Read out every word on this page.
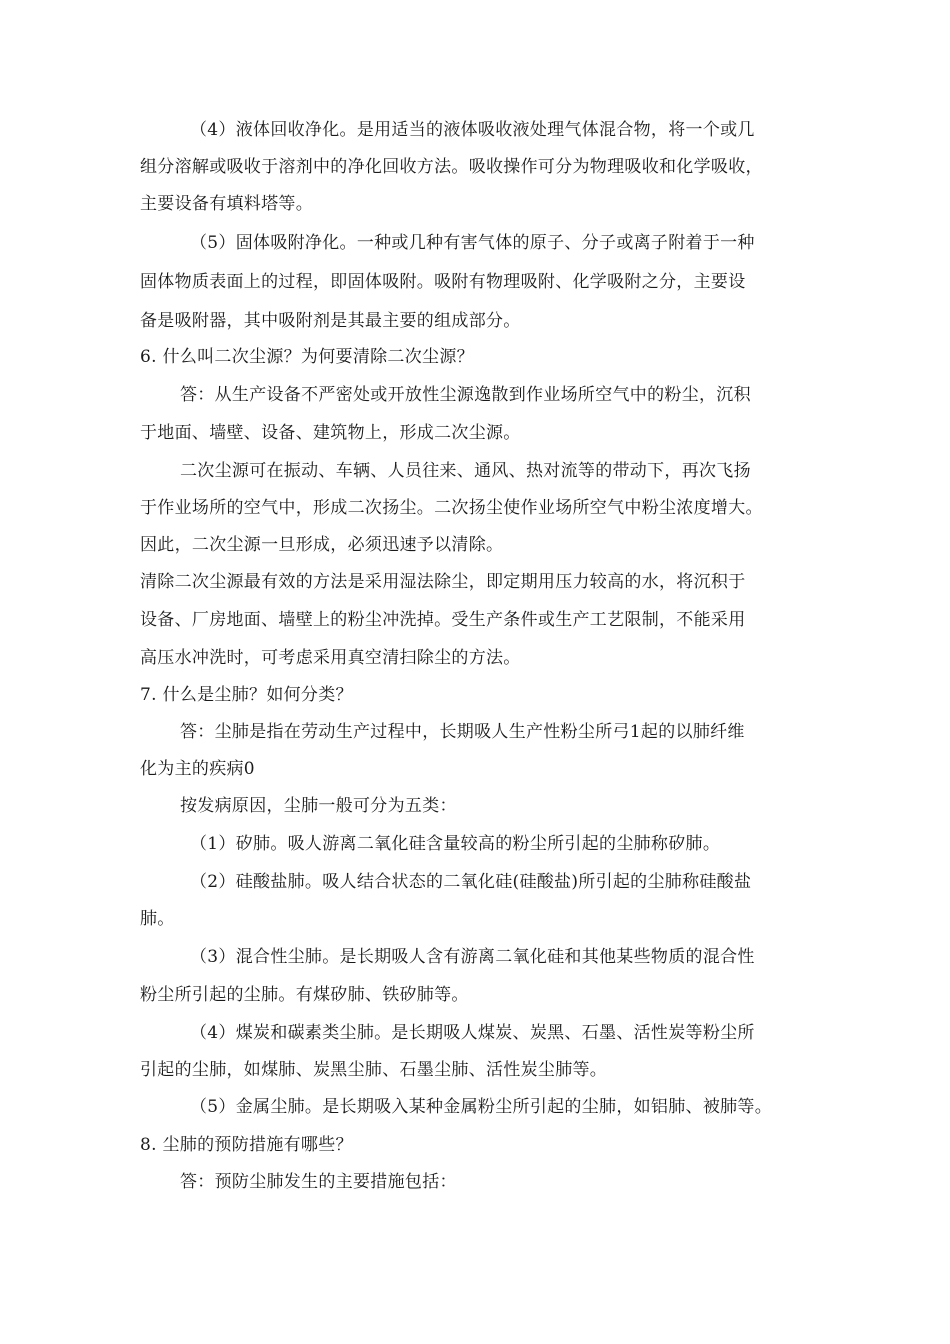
（4）液体回收净化。是用适当的液体吸收液处理气体混合物，将一个或几
组分溶解或吸收于溶剂中的净化回收方法。吸收操作可分为物理吸收和化学吸收，
主要设备有填料塔等。
（5）固体吸附净化。一种或几种有害气体的原子、分子或离子附着于一种
固体物质表面上的过程，即固体吸附。吸附有物理吸附、化学吸附之分，主要设
备是吸附器，其中吸附剂是其最主要的组成部分。
6. 什么叫二次尘源？为何要清除二次尘源？
答：从生产设备不严密处或开放性尘源逸散到作业场所空气中的粉尘，沉积
于地面、墙壁、设备、建筑物上，形成二次尘源。
二次尘源可在振动、车辆、人员往来、通风、热对流等的带动下，再次飞扬
于作业场所的空气中，形成二次扬尘。二次扬尘使作业场所空气中粉尘浓度增大。
因此，二次尘源一旦形成，必须迅速予以清除。
清除二次尘源最有效的方法是采用湿法除尘，即定期用压力较高的水，将沉积于
设备、厂房地面、墙壁上的粉尘冲洗掉。受生产条件或生产工艺限制，不能采用
高压水冲洗时，可考虑采用真空清扫除尘的方法。
7. 什么是尘肺？如何分类？
答：尘肺是指在劳动生产过程中，长期吸人生产性粉尘所弓1起的以肺纤维
化为主的疾病0
按发病原因，尘肺一般可分为五类：
（1）矽肺。吸人游离二氧化硅含量较高的粉尘所引起的尘肺称矽肺。
（2）硅酸盐肺。吸人结合状态的二氧化硅(硅酸盐)所引起的尘肺称硅酸盐
肺。
（3）混合性尘肺。是长期吸人含有游离二氧化硅和其他某些物质的混合性
粉尘所引起的尘肺。有煤矽肺、铁矽肺等。
（4）煤炭和碳素类尘肺。是长期吸人煤炭、炭黑、石墨、活性炭等粉尘所
引起的尘肺，如煤肺、炭黑尘肺、石墨尘肺、活性炭尘肺等。
（5）金属尘肺。是长期吸入某种金属粉尘所引起的尘肺，如铝肺、被肺等。
8. 尘肺的预防措施有哪些？
答：预防尘肺发生的主要措施包括：
